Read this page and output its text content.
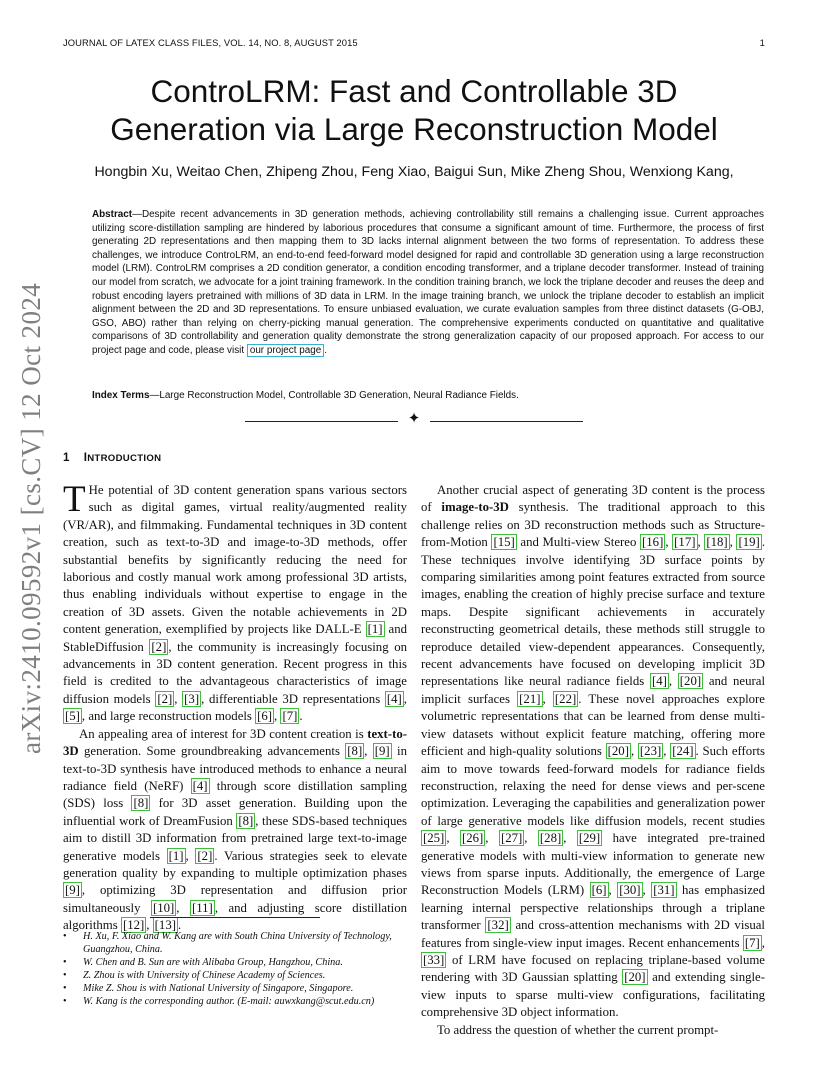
JOURNAL OF LATEX CLASS FILES, VOL. 14, NO. 8, AUGUST 2015	1
arXiv:2410.09592v1 [cs.CV] 12 Oct 2024
ControLRM: Fast and Controllable 3D
Generation via Large Reconstruction Model
Hongbin Xu, Weitao Chen, Zhipeng Zhou, Feng Xiao, Baigui Sun, Mike Zheng Shou, Wenxiong Kang,
Abstract—Despite recent advancements in 3D generation methods, achieving controllability still remains a challenging issue. Current approaches utilizing score-distillation sampling are hindered by laborious procedures that consume a significant amount of time. Furthermore, the process of first generating 2D representations and then mapping them to 3D lacks internal alignment between the two forms of representation. To address these challenges, we introduce ControLRM, an end-to-end feed-forward model designed for rapid and controllable 3D generation using a large reconstruction model (LRM). ControLRM comprises a 2D condition generator, a condition encoding transformer, and a triplane decoder transformer. Instead of training our model from scratch, we advocate for a joint training framework. In the condition training branch, we lock the triplane decoder and reuses the deep and robust encoding layers pretrained with millions of 3D data in LRM. In the image training branch, we unlock the triplane decoder to establish an implicit alignment between the 2D and 3D representations. To ensure unbiased evaluation, we curate evaluation samples from three distinct datasets (G-OBJ, GSO, ABO) rather than relying on cherry-picking manual generation. The comprehensive experiments conducted on quantitative and qualitative comparisons of 3D controllability and generation quality demonstrate the strong generalization capacity of our proposed approach. For access to our project page and code, please visit our project page .
Index Terms—Large Reconstruction Model, Controllable 3D Generation, Neural Radiance Fields.
✦
1 INTRODUCTION

T He potential of 3D content generation spans various sectors such as digital games, virtual reality/augmented reality (VR/AR), and filmmaking. Fundamental techniques in 3D content creation, such as text-to-3D and image-to-3D methods, offer substantial benefits by significantly reducing the need for laborious and costly manual work among professional 3D artists, thus enabling individuals without expertise to engage in the creation of 3D assets. Given the notable achievements in 2D content generation, exemplified by projects like DALL-E [1] and StableDiffusion [2] , the community is increasingly focusing on advancements in 3D content generation. Recent progress in this field is credited to the advantageous characteristics of image diffusion models [2] , [3] , differentiable 3D representations [4] , [5] , and large reconstruction models [6] , [7] .

An appealing area of interest for 3D content creation is text-to-3D generation. Some groundbreaking advancements [8] , [9] in text-to-3D synthesis have introduced methods to enhance a neural radiance field (NeRF) [4] through score distillation sampling (SDS) loss [8] for 3D asset generation. Building upon the influential work of DreamFusion [8] , these SDS-based techniques aim to distill 3D information from pretrained large text-to-image generative models [1] , [2] . Various strategies seek to elevate generation quality by expanding to multiple optimization phases [9] , optimizing 3D representation and diffusion prior simultaneously [10] , [11] , and adjusting score distillation algorithms [12] , [13] .

• H. Xu, F. Xiao and W. Kang are with South China University of Technology, Guangzhou, China.
• W. Chen and B. Sun are with Alibaba Group, Hangzhou, China.
• Z. Zhou is with University of Chinese Academy of Sciences.
• Mike Z. Shou is with National University of Singapore, Singapore.
• W. Kang is the corresponding author. (E-mail: auwxkang@scut.edu.cn)

Another crucial aspect of generating 3D content is the process of image-to-3D synthesis. The traditional approach to this challenge relies on 3D reconstruction methods such as Structure-from-Motion [15] and Multi-view Stereo [16] , [17] , [18] , [19] . These techniques involve identifying 3D surface points by comparing similarities among point features extracted from source images, enabling the creation of highly precise surface and texture maps. Despite significant achievements in accurately reconstructing geometrical details, these methods still struggle to reproduce detailed view-dependent appearances. Consequently, recent advancements have focused on developing implicit 3D representations like neural radiance fields [4] , [20] and neural implicit surfaces [21] , [22] . These novel approaches explore volumetric representations that can be learned from dense multi-view datasets without explicit feature matching, offering more efficient and high-quality solutions [20] , [23] , [24] . Such efforts aim to move towards feed-forward models for radiance fields reconstruction, relaxing the need for dense views and per-scene optimization. Leveraging the capabilities and generalization power of large generative models like diffusion models, recent studies [25] , [26] , [27] , [28] , [29] have integrated pre-trained generative models with multi-view information to generate new views from sparse inputs. Additionally, the emergence of Large Reconstruction Models (LRM) [6] , [30] , [31] has emphasized learning internal perspective relationships through a triplane transformer [32] and cross-attention mechanisms with 2D visual features from single-view input images. Recent enhancements [7] , [33] of LRM have focused on replacing triplane-based volume rendering with 3D Gaussian splatting [20] and extending single-view inputs to sparse multi-view configurations, facilitating comprehensive 3D object information.

To address the question of whether the current prompt-
